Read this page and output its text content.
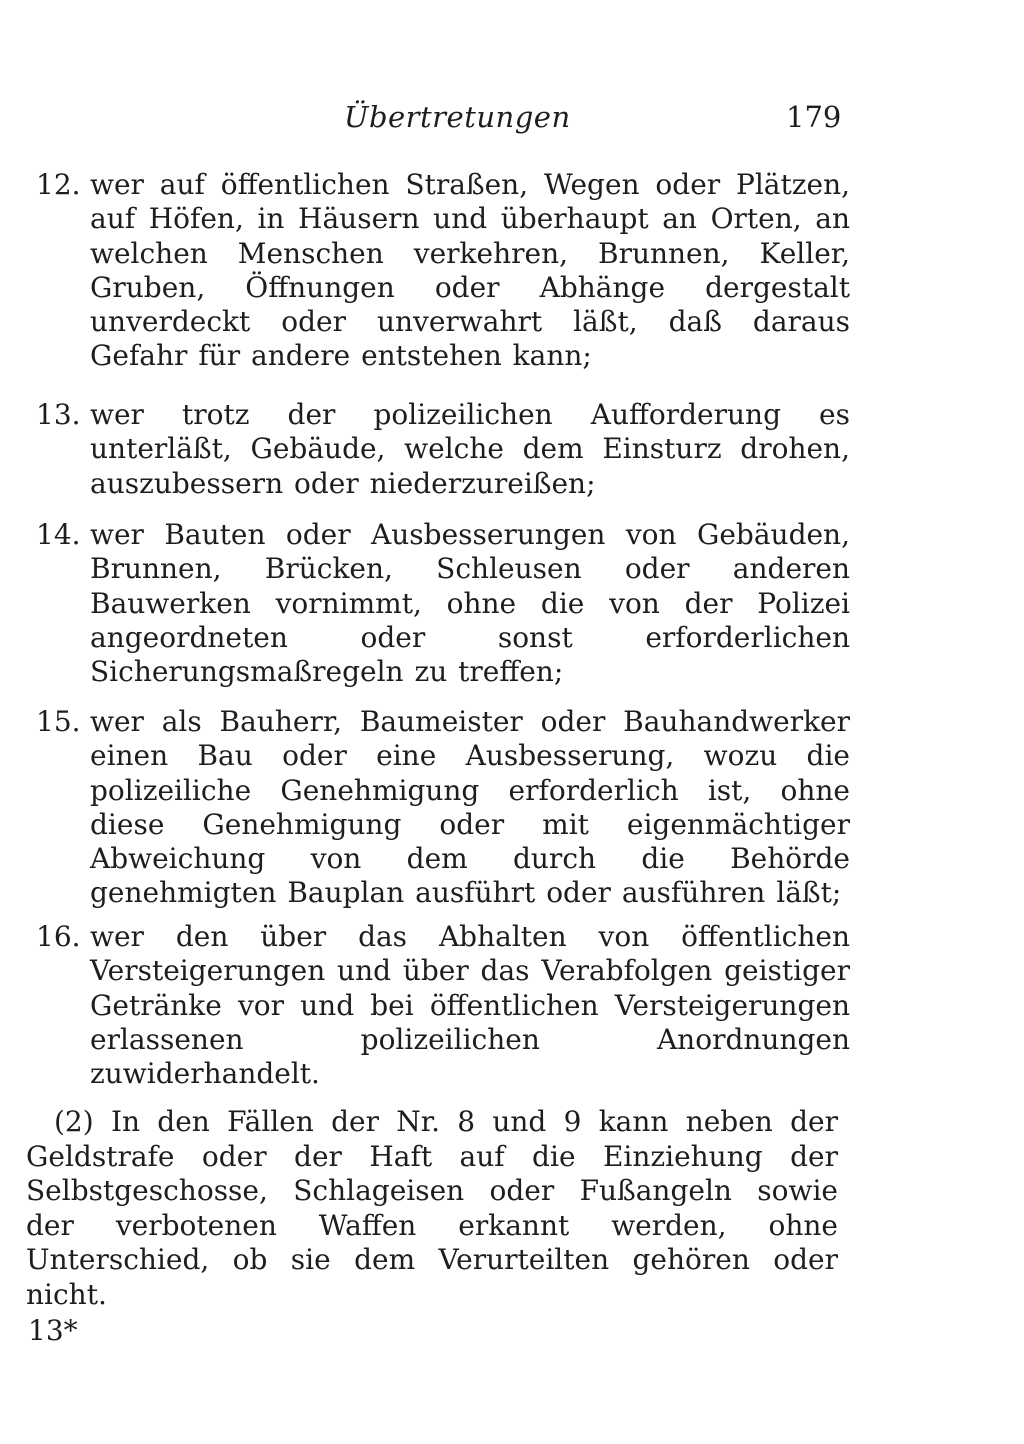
Übertretungen	179
12. wer auf öffentlichen Straßen, Wegen oder Plätzen, auf Höfen, in Häusern und überhaupt an Orten, an welchen Menschen verkehren, Brunnen, Keller, Gruben, Öffnungen oder Abhänge dergestalt unverdeckt oder unverwahrt läßt, daß daraus Gefahr für andere entstehen kann;
13. wer trotz der polizeilichen Aufforderung es unterläßt, Gebäude, welche dem Einsturz drohen, auszubessern oder niederzureißen;
14. wer Bauten oder Ausbesserungen von Gebäuden, Brunnen, Brücken, Schleusen oder anderen Bauwerken vornimmt, ohne die von der Polizei angeordneten oder sonst erforderlichen Sicherungsmaßregeln zu treffen;
15. wer als Bauherr, Baumeister oder Bauhandwerker einen Bau oder eine Ausbesserung, wozu die polizeiliche Genehmigung erforderlich ist, ohne diese Genehmigung oder mit eigenmächtiger Abweichung von dem durch die Behörde genehmigten Bauplan ausführt oder ausführen läßt;
16. wer den über das Abhalten von öffentlichen Versteigerungen und über das Verabfolgen geistiger Getränke vor und bei öffentlichen Versteigerungen erlassenen polizeilichen Anordnungen zuwiderhandelt.
(2) In den Fällen der Nr. 8 und 9 kann neben der Geldstrafe oder der Haft auf die Einziehung der Selbstgeschosse, Schlageisen oder Fußangeln sowie der verbotenen Waffen erkannt werden, ohne Unterschied, ob sie dem Verurteilten gehören oder nicht.
13*
